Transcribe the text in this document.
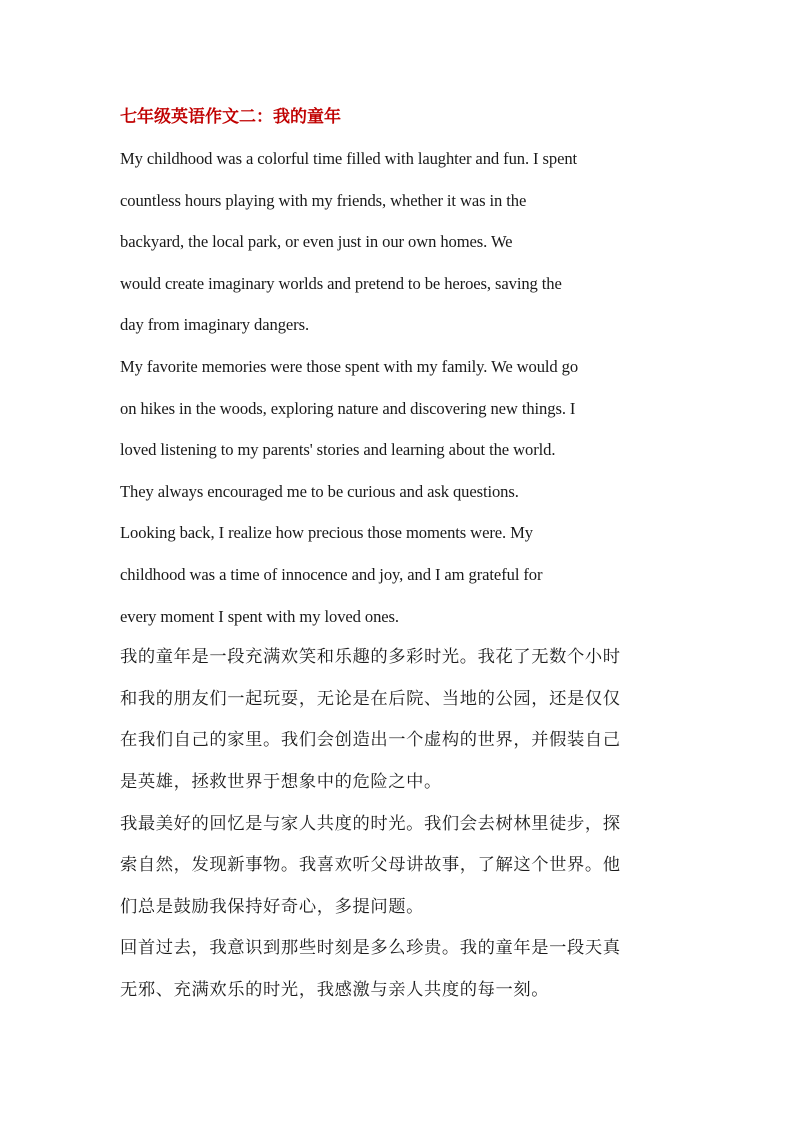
七年级英语作文二：我的童年

My childhood was a colorful time filled with laughter and fun. I spent

countless hours playing with my friends, whether it was in the

backyard, the local park, or even just in our own homes. We

would create imaginary worlds and pretend to be heroes, saving the

day from imaginary dangers.

My favorite memories were those spent with my family. We would go

on hikes in the woods, exploring nature and discovering new things. I

loved listening to my parents' stories and learning about the world.

They always encouraged me to be curious and ask questions.

Looking back, I realize how precious those moments were. My

childhood was a time of innocence and joy, and I am grateful for

every moment I spent with my loved ones.

我的童年是一段充满欢笑和乐趣的多彩时光。我花了无数个小时

和我的朋友们一起玩耍，无论是在后院、当地的公园，还是仅仅

在我们自己的家里。我们会创造出一个虚构的世界，并假装自己

是英雄，拯救世界于想象中的危险之中。

我最美好的回忆是与家人共度的时光。我们会去树林里徒步，探

索自然，发现新事物。我喜欢听父母讲故事，了解这个世界。他

们总是鼓励我保持好奇心，多提问题。

回首过去，我意识到那些时刻是多么珍贵。我的童年是一段天真

无邪、充满欢乐的时光，我感激与亲人共度的每一刻。
